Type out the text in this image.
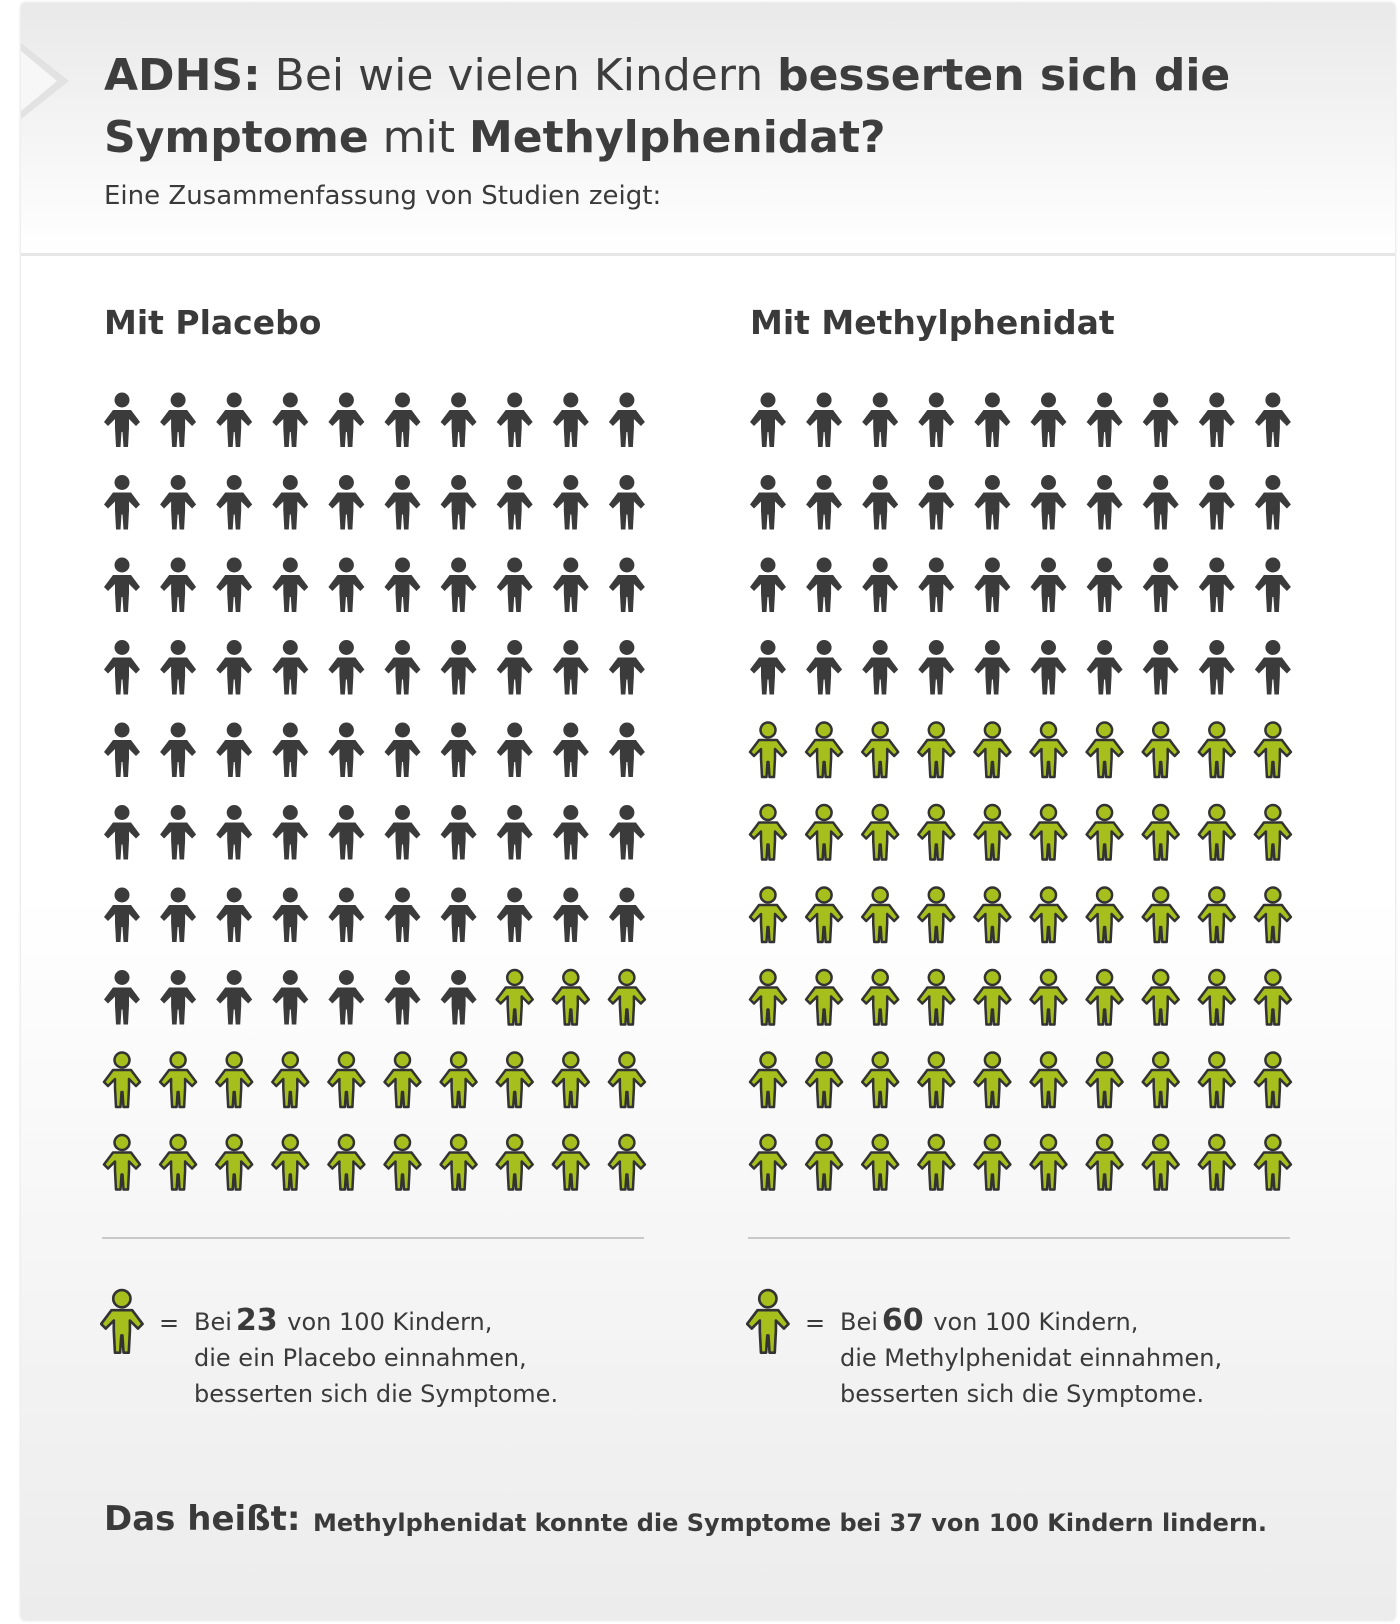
ADHS: Bei wie vielen Kindern besserten sich die Symptome mit Methylphenidat?
Eine Zusammenfassung von Studien zeigt:
Mit Placebo
= Bei 23 von 100 Kindern,
die ein Placebo einnahmen,
besserten sich die Symptome.
Mit Methylphenidat
= Bei 60 von 100 Kindern,
die Methylphenidat einnahmen,
besserten sich die Symptome.
Das heißt: Methylphenidat konnte die Symptome bei 37 von 100 Kindern lindern.
